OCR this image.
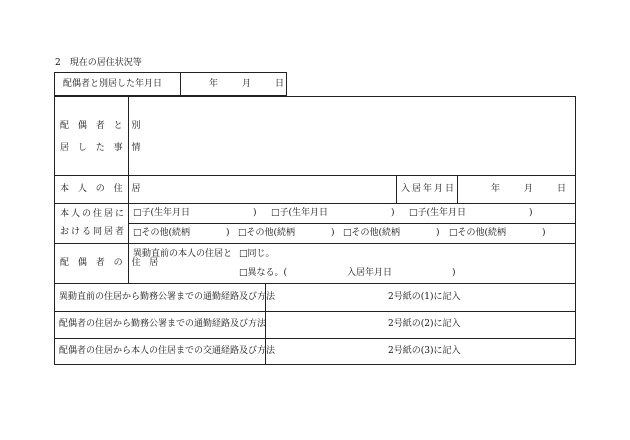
2　現在の居住状況等
配偶者と別居した年月日	年	月	日
配 偶 者 と 別
居 し た 事 情
本 人 の 住 居	入居年月日	年	月	日
本人の住居に
おける同居者
□子(生年月日　　　　　　　) □子(生年月日　　　　　　　) □子(生年月日　　　　　　　)
□その他(続柄　　　　) □その他(続柄　　　　) □その他(続柄　　　　) □その他(続柄　　　　)
配 偶 者 の 住 居
異動直前の本人の住居と □同じ。
□異なる。(	入居年月日	)
異動直前の住居から勤務公署までの通勤経路及び方法	2号紙の(1)に記入
配偶者の住居から勤務公署までの通勤経路及び方法	2号紙の(2)に記入
配偶者の住居から本人の住居までの交通経路及び方法	2号紙の(3)に記入
